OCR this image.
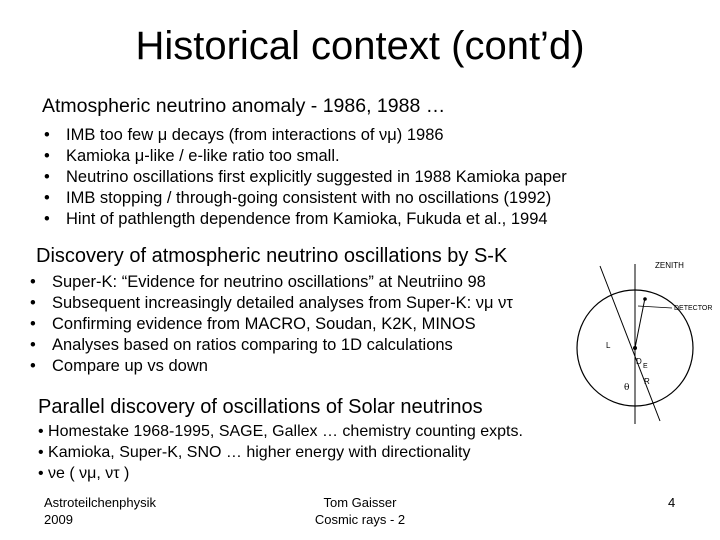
Historical context (cont’d)
Atmospheric neutrino anomaly - 1986, 1988 …
• IMB too few μ decays (from interactions of νμ) 1986
• Kamioka μ-like / e-like ratio too small.
• Neutrino oscillations first explicitly suggested in 1988 Kamioka paper
• IMB stopping / through-going consistent with no oscillations (1992)
• Hint of pathlength dependence from Kamioka, Fukuda et al., 1994
Discovery of atmospheric neutrino oscillations by S-K
• Super-K: “Evidence for neutrino oscillations” at Neutriino 98
• Subsequent increasingly detailed analyses from Super-K: νμ ντ
• Confirming evidence from MACRO, Soudan, K2K, MINOS
• Analyses based on ratios comparing to 1D calculations
• Compare up vs down
Parallel discovery of oscillations of Solar neutrinos
• Homestake 1968-1995, SAGE, Gallex … chemistry counting expts.
• Kamioka, Super-K, SNO … higher energy with directionality
• νe ( νμ, ντ )
ZENITH
DETECTOR
L
D
E
R
θ
Astroteilchenphysik
2009
Tom Gaisser
Cosmic rays - 2
4
